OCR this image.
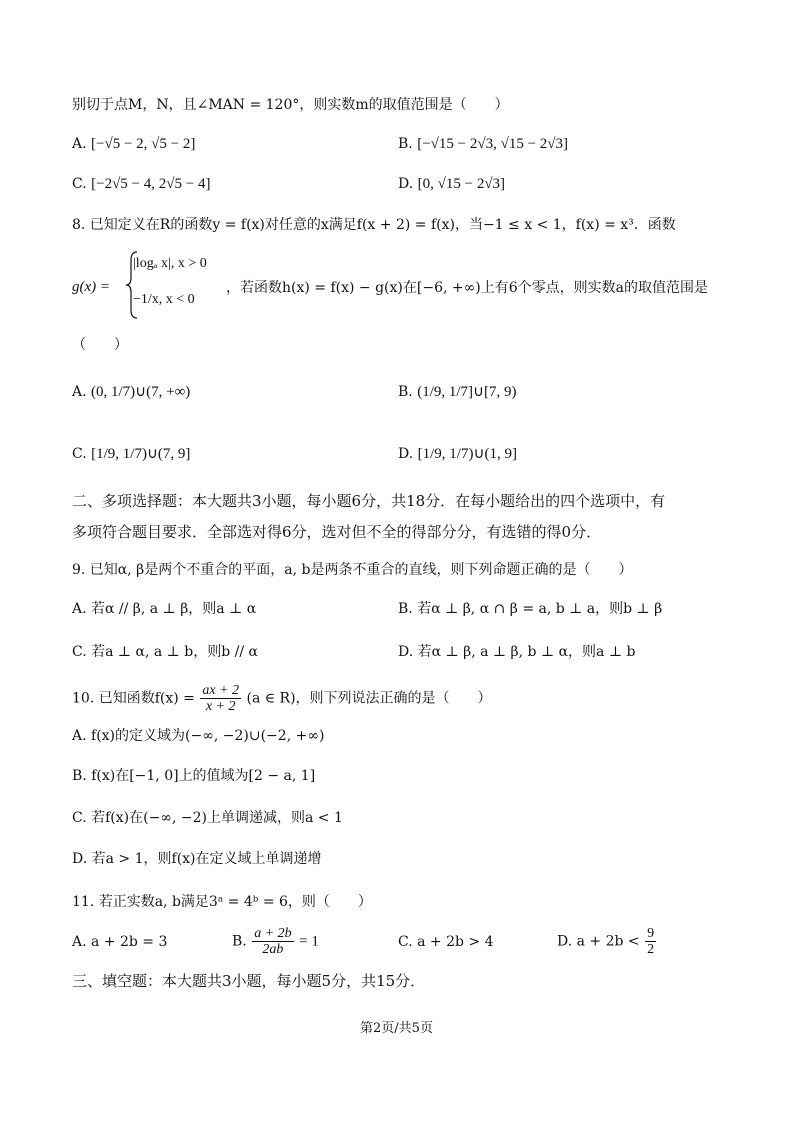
别切于点M，N，且∠MAN = 120°，则实数m的取值范围是（　　）
A. [−√5 − 2, √5 − 2]	B. [−√15 − 2√3, √15 − 2√3]
C. [−2√5 − 4, 2√5 − 4]	D. [0, √15 − 2√3]
8. 已知定义在R的函数y = f(x)对任意的x满足f(x + 2) = f(x)，当−1 ≤ x < 1，f(x) = x³．函数
g(x) =
|logₐ x|, x > 0
−1/x, x < 0
，若函数h(x) = f(x) − g(x)在[−6, +∞)上有6个零点，则实数a的取值范围是
（　　）
A. (0, 1/7)∪(7, +∞)	B. (1/9, 1/7]∪[7, 9)
C. [1/9, 1/7)∪(7, 9]	D. [1/9, 1/7)∪(1, 9]
二、多项选择题：本大题共3小题，每小题6分，共18分．在每小题给出的四个选项中，有
多项符合题目要求．全部选对得6分，选对但不全的得部分分，有选错的得0分．
9. 已知α, β是两个不重合的平面，a, b是两条不重合的直线，则下列命题正确的是（　　）
A. 若α // β, a ⊥ β，则a ⊥ α	B. 若α ⊥ β, α ∩ β = a, b ⊥ a，则b ⊥ β
C. 若a ⊥ α, a ⊥ b，则b // α	D. 若α ⊥ β, a ⊥ β, b ⊥ α，则a ⊥ b
10. 已知函数$f(x) = \frac{ax + 2}{x + 2} (a$ ∈ R)，则下列说法正确的是（　　）
A. f(x)的定义域为(−∞, −2)∪(−2, +∞)
B. f(x)在[−1, 0]上的值域为[2 − a, 1]
C. 若f(x)在(−∞, −2)上单调递减，则a < 1
D. 若a > 1，则f(x)在定义域上单调递增
11. 若正实数a, b满足3ᵃ = 4ᵇ = 6，则（　　）
A. a + 2b = 3	B. $\frac{a + 2b}{2ab} = 1$	C. a + 2b > 4	D. $a + 2b < \frac{9}{2}$
三、填空题：本大题共3小题，每小题5分，共15分．
第2页/共5页
